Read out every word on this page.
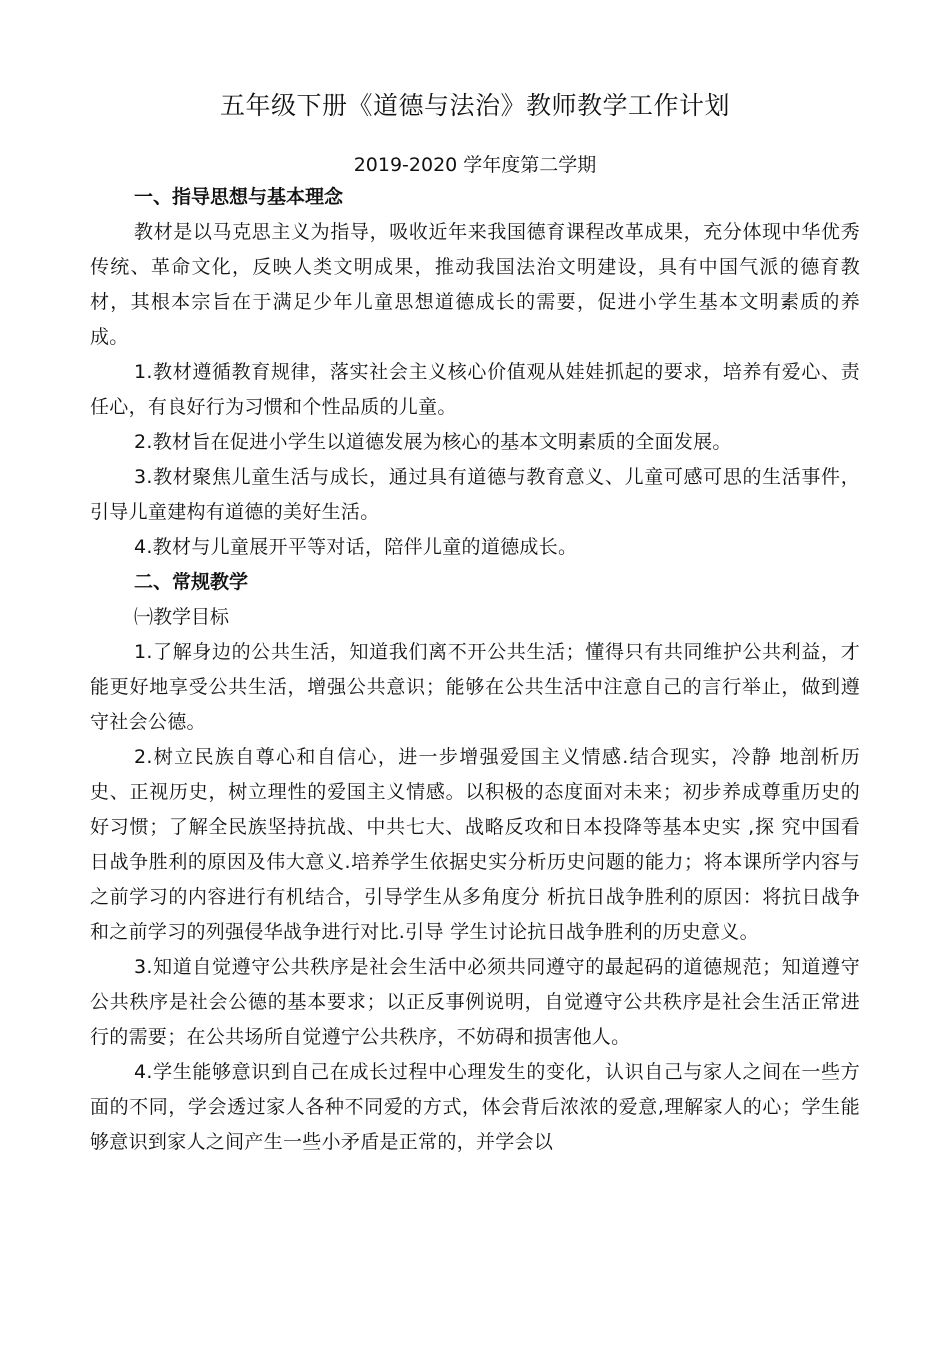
五年级下册《道德与法治》教师教学工作计划
2019-2020 学年度第二学期
一、指导思想与基本理念

教材是以马克思主义为指导，吸收近年来我国德育课程改革成果，充分体现中华优秀传统、革命文化，反映人类文明成果，推动我国法治文明建设，具有中国气派的德育教材，其根本宗旨在于满足少年儿童思想道德成长的需要，促进小学生基本文明素质的养成。

1.教材遵循教育规律，落实社会主义核心价值观从娃娃抓起的要求，培养有爱心、责任心，有良好行为习惯和个性品质的儿童。

2.教材旨在促进小学生以道德发展为核心的基本文明素质的全面发展。

3.教材聚焦儿童生活与成长，通过具有道德与教育意义、儿童可感可思的生活事件，引导儿童建构有道德的美好生活。

4.教材与儿童展开平等对话，陪伴儿童的道德成长。

二、常规教学
㈠教学目标

1.了解身边的公共生活，知道我们离不开公共生活；懂得只有共同维护公共利益，才能更好地享受公共生活，增强公共意识；能够在公共生活中注意自己的言行举止，做到遵守社会公德。

2.树立民族自尊心和自信心，进一步增强爱国主义情感.结合现实，冷静 地剖析历史、正视历史，树立理性的爱国主义情感。以积极的态度面对未来；初步养成尊重历史的好习惯；了解全民族坚持抗战、中共七大、战略反攻和日本投降等基本史实 ,探 究中国看日战争胜利的原因及伟大意义.培养学生依据史实分析历史问题的能力；将本课所学内容与之前学习的内容进行有机结合，引导学生从多角度分 析抗日战争胜利的原因：将抗日战争和之前学习的列强侵华战争进行对比.引导 学生讨论抗日战争胜利的历史意义。

3.知道自觉遵守公共秩序是社会生活中必须共同遵守的最起码的道德规范；知道遵守公共秩序是社会公德的基本要求；以正反事例说明，自觉遵守公共秩序是社会生活正常进行的需要；在公共场所自觉遵宁公共秩序，不妨碍和损害他人。

4.学生能够意识到自己在成长过程中心理发生的变化，认识自己与家人之间在一些方面的不同，学会透过家人各种不同爱的方式，体会背后浓浓的爱意,理解家人的心；学生能够意识到家人之间产生一些小矛盾是正常的，并学会以
